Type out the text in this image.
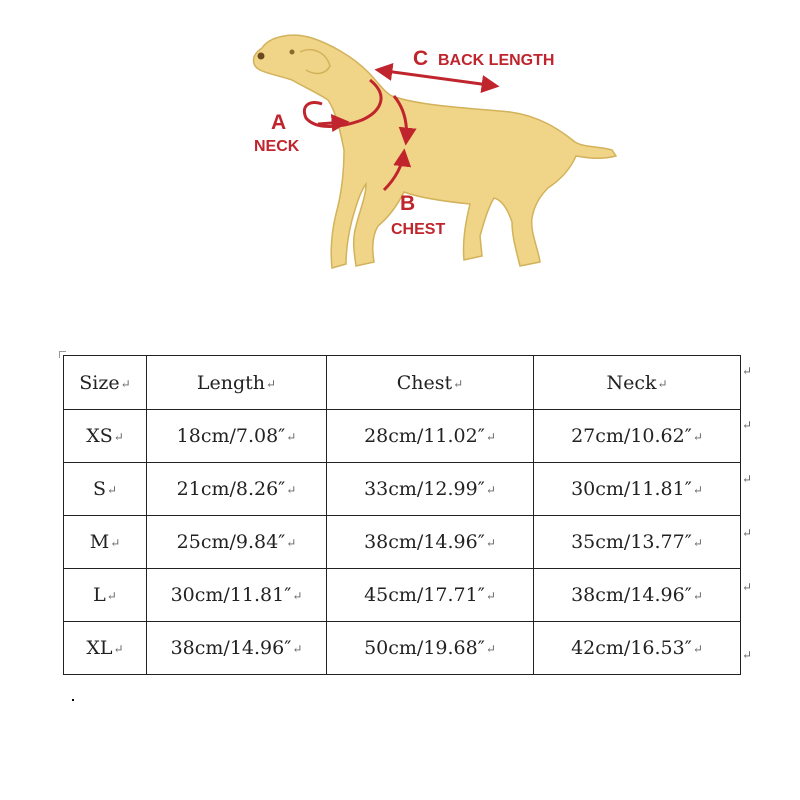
C BACK LENGTH
A
NECK
B
CHEST
Size↵	Length↵	Chest↵	Neck↵
XS↵	18cm/7.08″↵	28cm/11.02″↵	27cm/10.62″↵
S↵	21cm/8.26″↵	33cm/12.99″↵	30cm/11.81″↵
M↵	25cm/9.84″↵	38cm/14.96″↵	35cm/13.77″↵
L↵	30cm/11.81″↵	45cm/17.71″↵	38cm/14.96″↵
XL↵	38cm/14.96″↵	50cm/19.68″↵	42cm/16.53″↵
↵
↵
↵
↵
↵
↵
